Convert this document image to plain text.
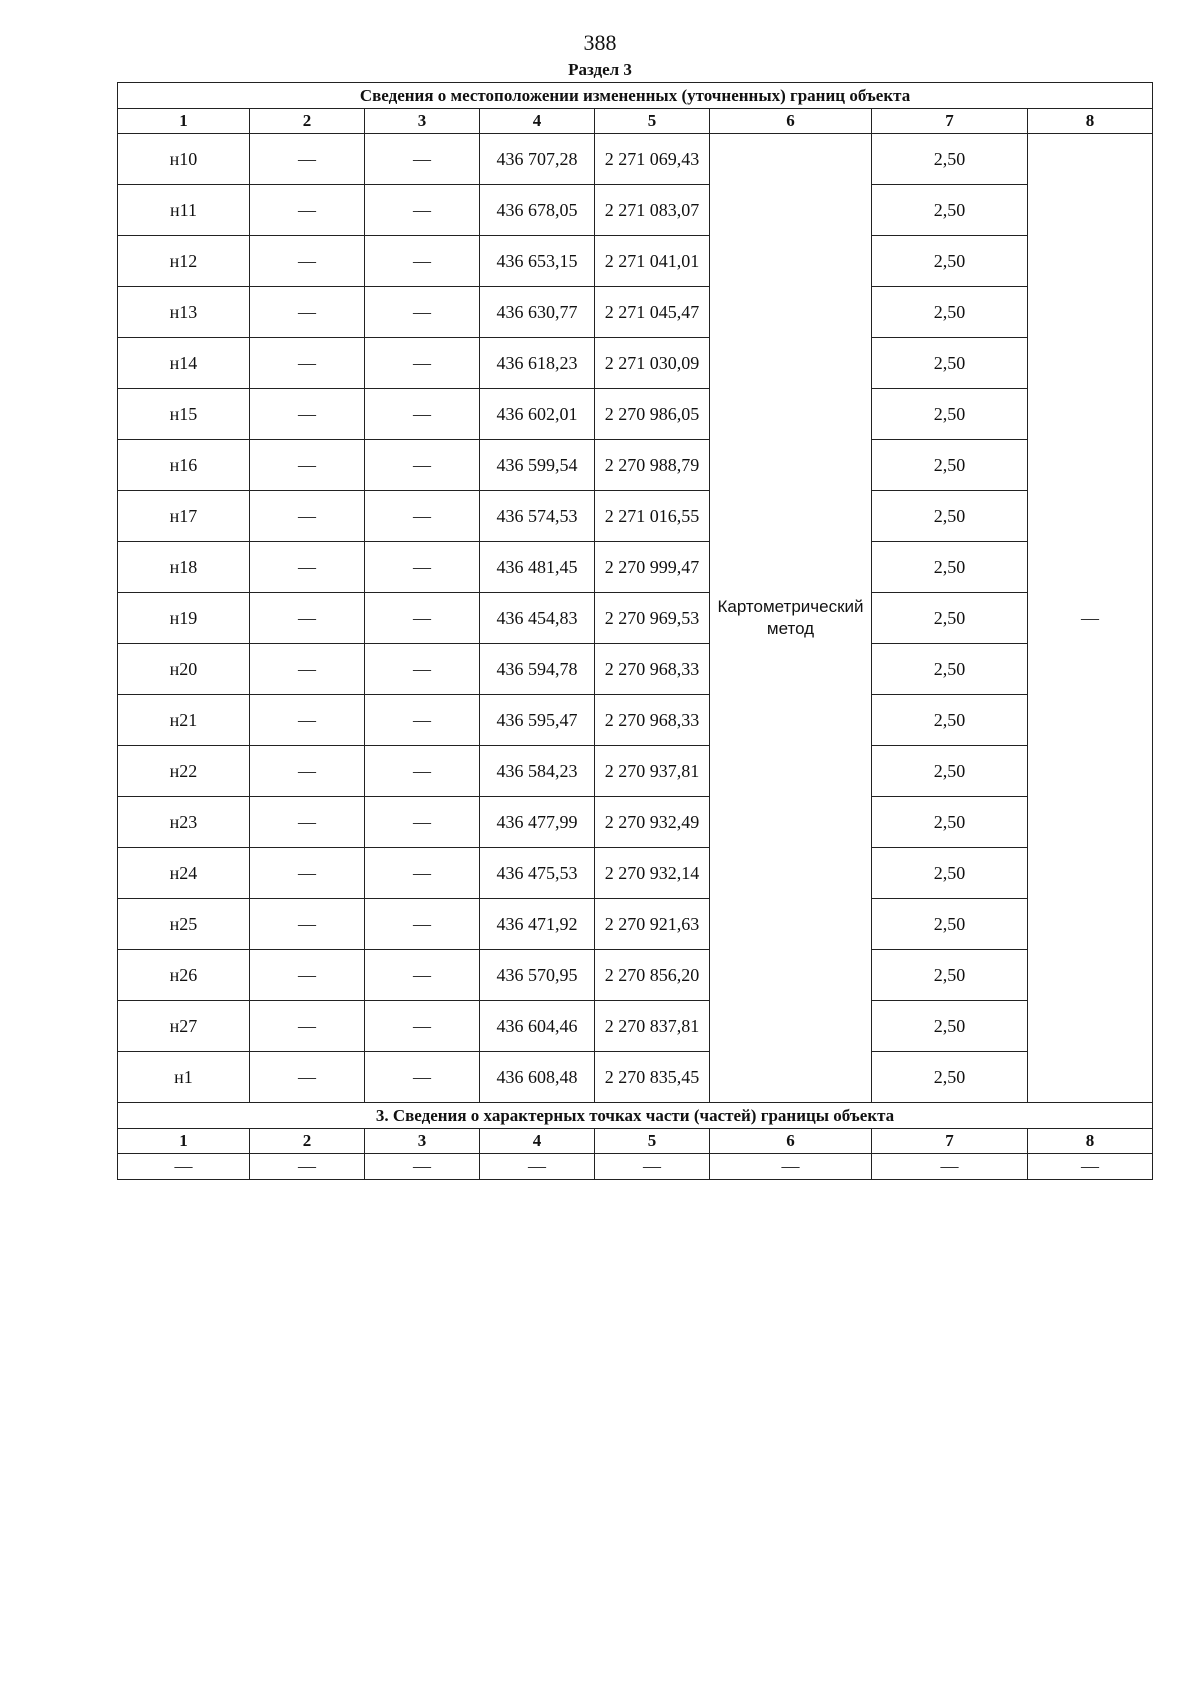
388
Раздел 3
Сведения о местоположении измененных (уточненных) границ объекта							
1	2	3	4	5	6	7	8
н10	—	—	436 707,28	2 271 069,43	Картометрический метод	2,50	—
н11	—	—	436 678,05	2 271 083,07		2,50	
н12	—	—	436 653,15	2 271 041,01		2,50	
н13	—	—	436 630,77	2 271 045,47		2,50	
н14	—	—	436 618,23	2 271 030,09		2,50	
н15	—	—	436 602,01	2 270 986,05		2,50	
н16	—	—	436 599,54	2 270 988,79		2,50	
н17	—	—	436 574,53	2 271 016,55		2,50	
н18	—	—	436 481,45	2 270 999,47		2,50	
н19	—	—	436 454,83	2 270 969,53		2,50	
н20	—	—	436 594,78	2 270 968,33		2,50	
н21	—	—	436 595,47	2 270 968,33		2,50	
н22	—	—	436 584,23	2 270 937,81		2,50	
н23	—	—	436 477,99	2 270 932,49		2,50	
н24	—	—	436 475,53	2 270 932,14		2,50	
н25	—	—	436 471,92	2 270 921,63		2,50	
н26	—	—	436 570,95	2 270 856,20		2,50	
н27	—	—	436 604,46	2 270 837,81		2,50	
н1	—	—	436 608,48	2 270 835,45		2,50	
3. Сведения о характерных точках части (частей) границы объекта							
1	2	3	4	5	6	7	8
—	—	—	—	—	—	—	—
